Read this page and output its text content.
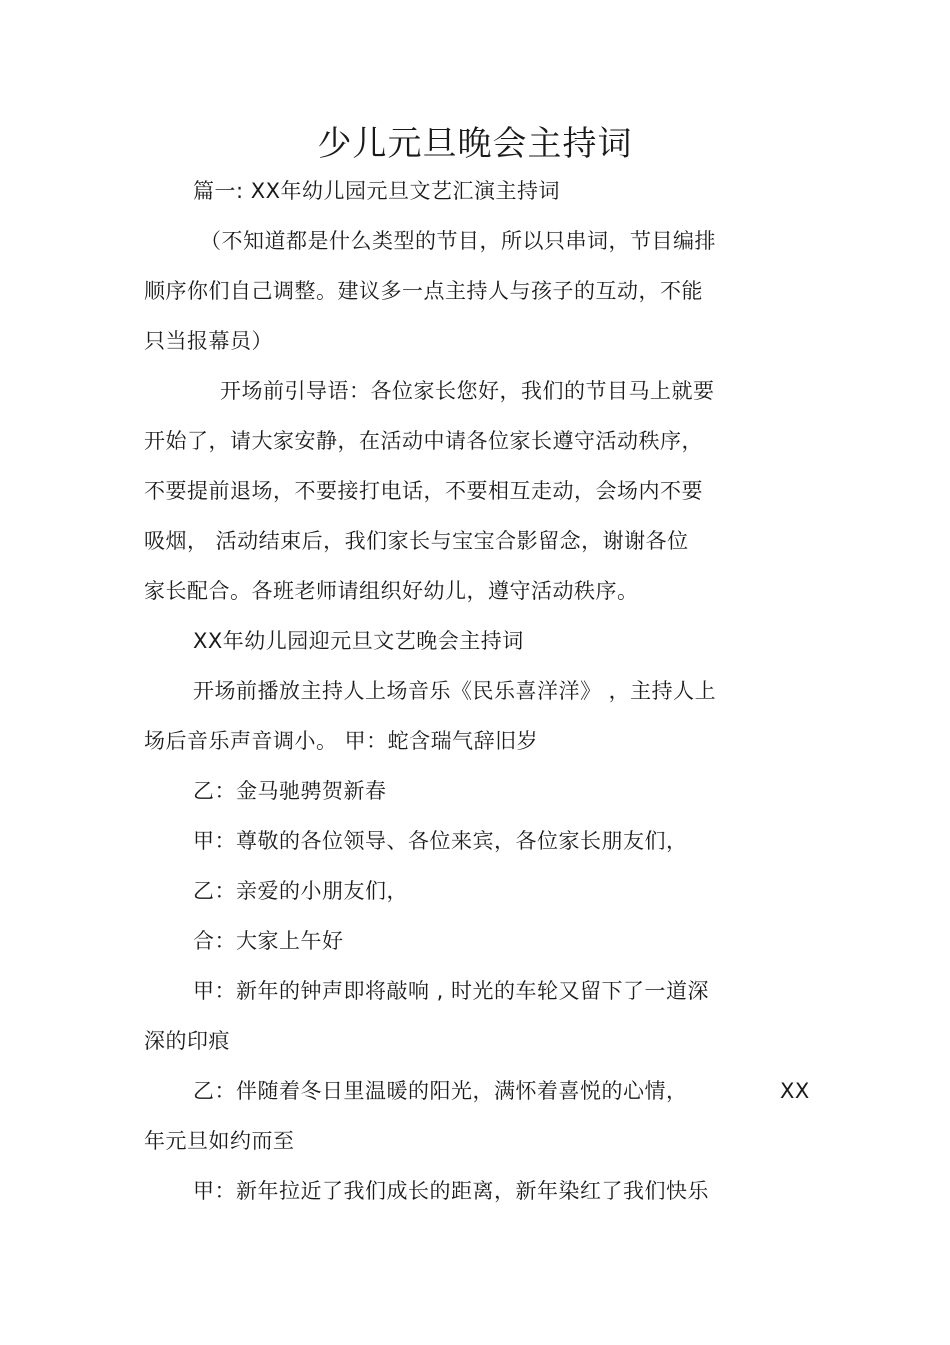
少儿元旦晚会主持词
篇一: XX年幼儿园元旦文艺汇演主持词
（不知道都是什么类型的节目，所以只串词，节目编排
顺序你们自己调整。建议多一点主持人与孩子的互动，不能
只当报幕员）
开场前引导语：各位家长您好，我们的节目马上就要
开始了，请大家安静，在活动中请各位家长遵守活动秩序，
不要提前退场，不要接打电话，不要相互走动，会场内不要
吸烟， 活动结束后，我们家长与宝宝合影留念，谢谢各位
家长配合。各班老师请组织好幼儿，遵守活动秩序。
XX年幼儿园迎元旦文艺晚会主持词
开场前播放主持人上场音乐《民乐喜洋洋》 ，主持人上
场后音乐声音调小。 甲：蛇含瑞气辞旧岁
乙：金马驰骋贺新春
甲：尊敬的各位领导、各位来宾，各位家长朋友们，
乙：亲爱的小朋友们，
合：大家上午好
甲：新年的钟声即将敲响 , 时光的车轮又留下了一道深
深的印痕
乙：伴随着冬日里温暖的阳光，满怀着喜悦的心情，	XX
年元旦如约而至
甲：新年拉近了我们成长的距离，新年染红了我们快乐
